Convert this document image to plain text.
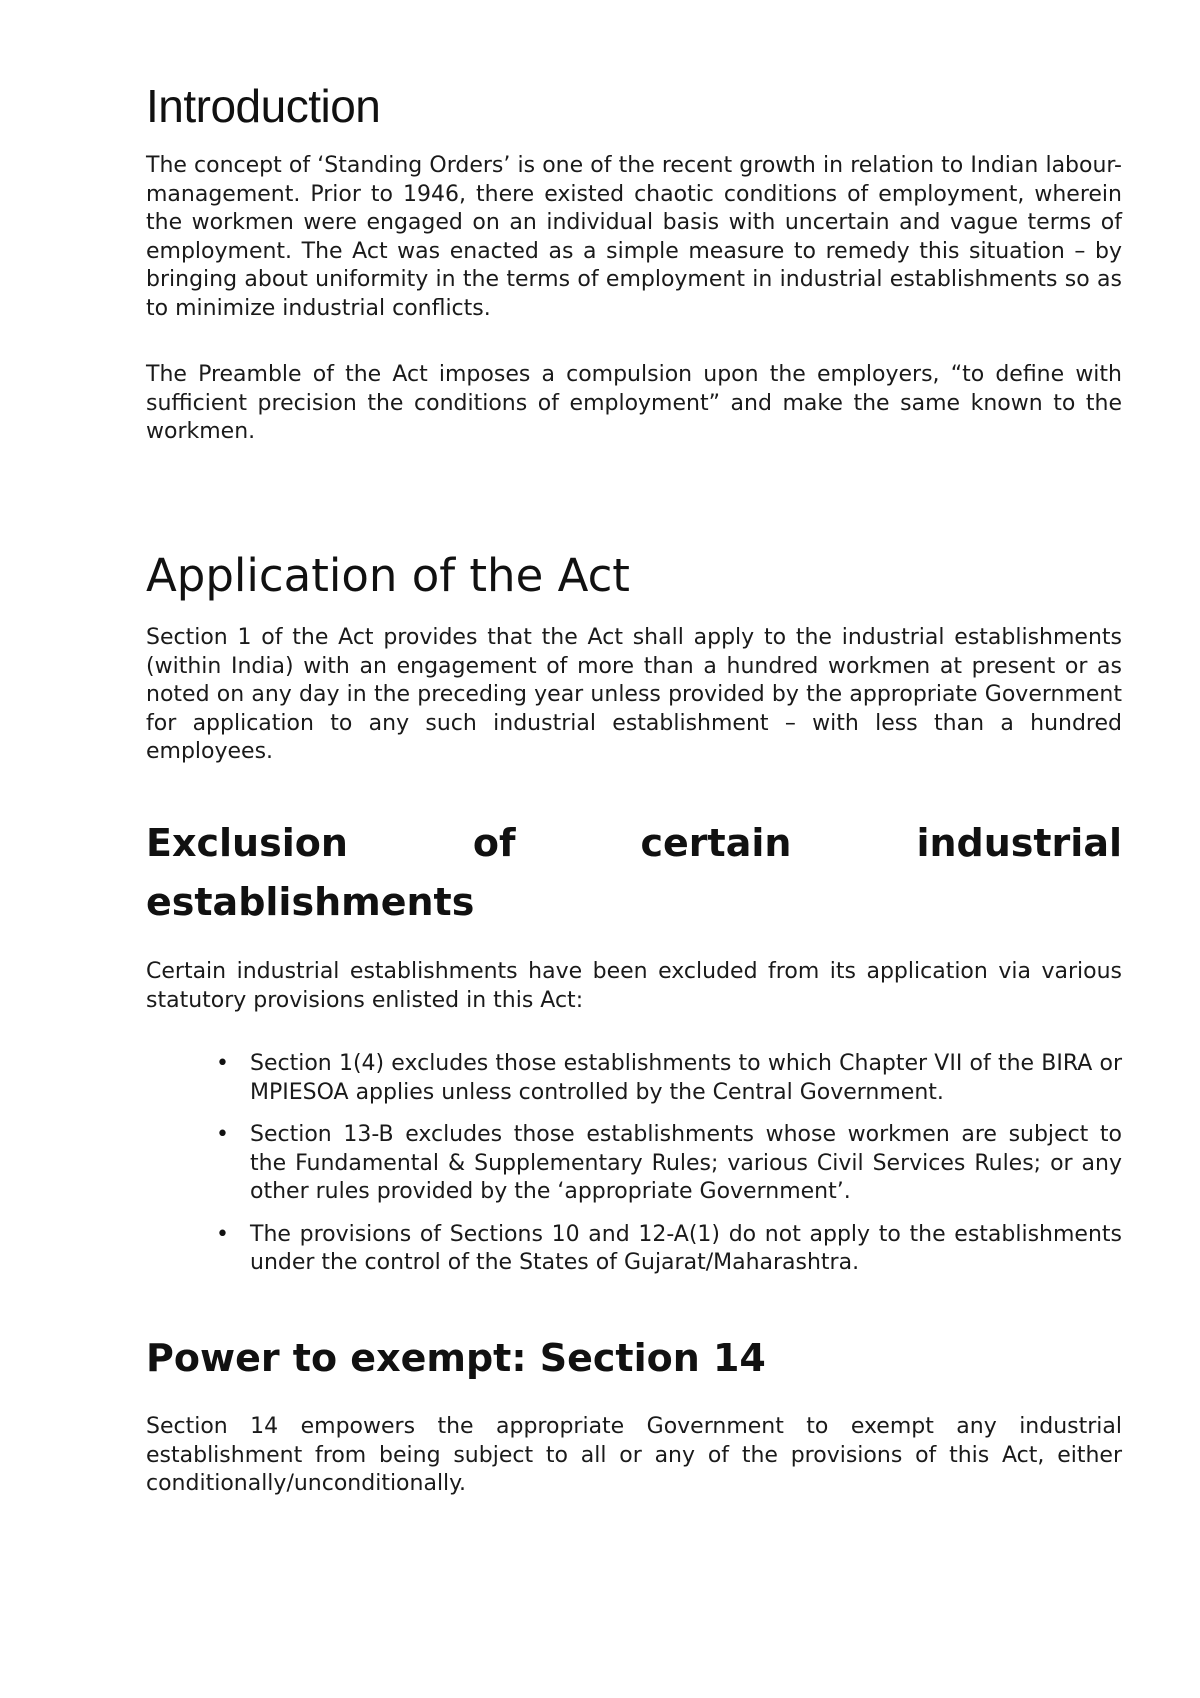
Introduction

The concept of ‘Standing Orders’ is one of the recent growth in relation to Indian labour- management. Prior to 1946, there existed chaotic conditions of employment, wherein the workmen were engaged on an individual basis with uncertain and vague terms of employment. The Act was enacted as a simple measure to remedy this situation – by bringing about uniformity in the terms of employment in industrial establishments so as to minimize industrial conflicts.

The Preamble of the Act imposes a compulsion upon the employers, “to define with sufficient precision the conditions of employment” and make the same known to the workmen.

Application of the Act

Section 1 of the Act provides that the Act shall apply to the industrial establishments (within India) with an engagement of more than a hundred workmen at present or as noted on any day in the preceding year unless provided by the appropriate Government for application to any such industrial establishment – with less than a hundred employees.

Exclusion of certain industrial establishments

Certain industrial establishments have been excluded from its application via various statutory provisions enlisted in this Act:

• Section 1(4) excludes those establishments to which Chapter VII of the BIRA or MPIESOA applies unless controlled by the Central Government.

• Section 13-B excludes those establishments whose workmen are subject to the Fundamental & Supplementary Rules; various Civil Services Rules; or any other rules provided by the ‘appropriate Government’.

• The provisions of Sections 10 and 12-A(1) do not apply to the establishments under the control of the States of Gujarat/Maharashtra.

Power to exempt: Section 14

Section 14 empowers the appropriate Government to exempt any industrial establishment from being subject to all or any of the provisions of this Act, either conditionally/unconditionally.
